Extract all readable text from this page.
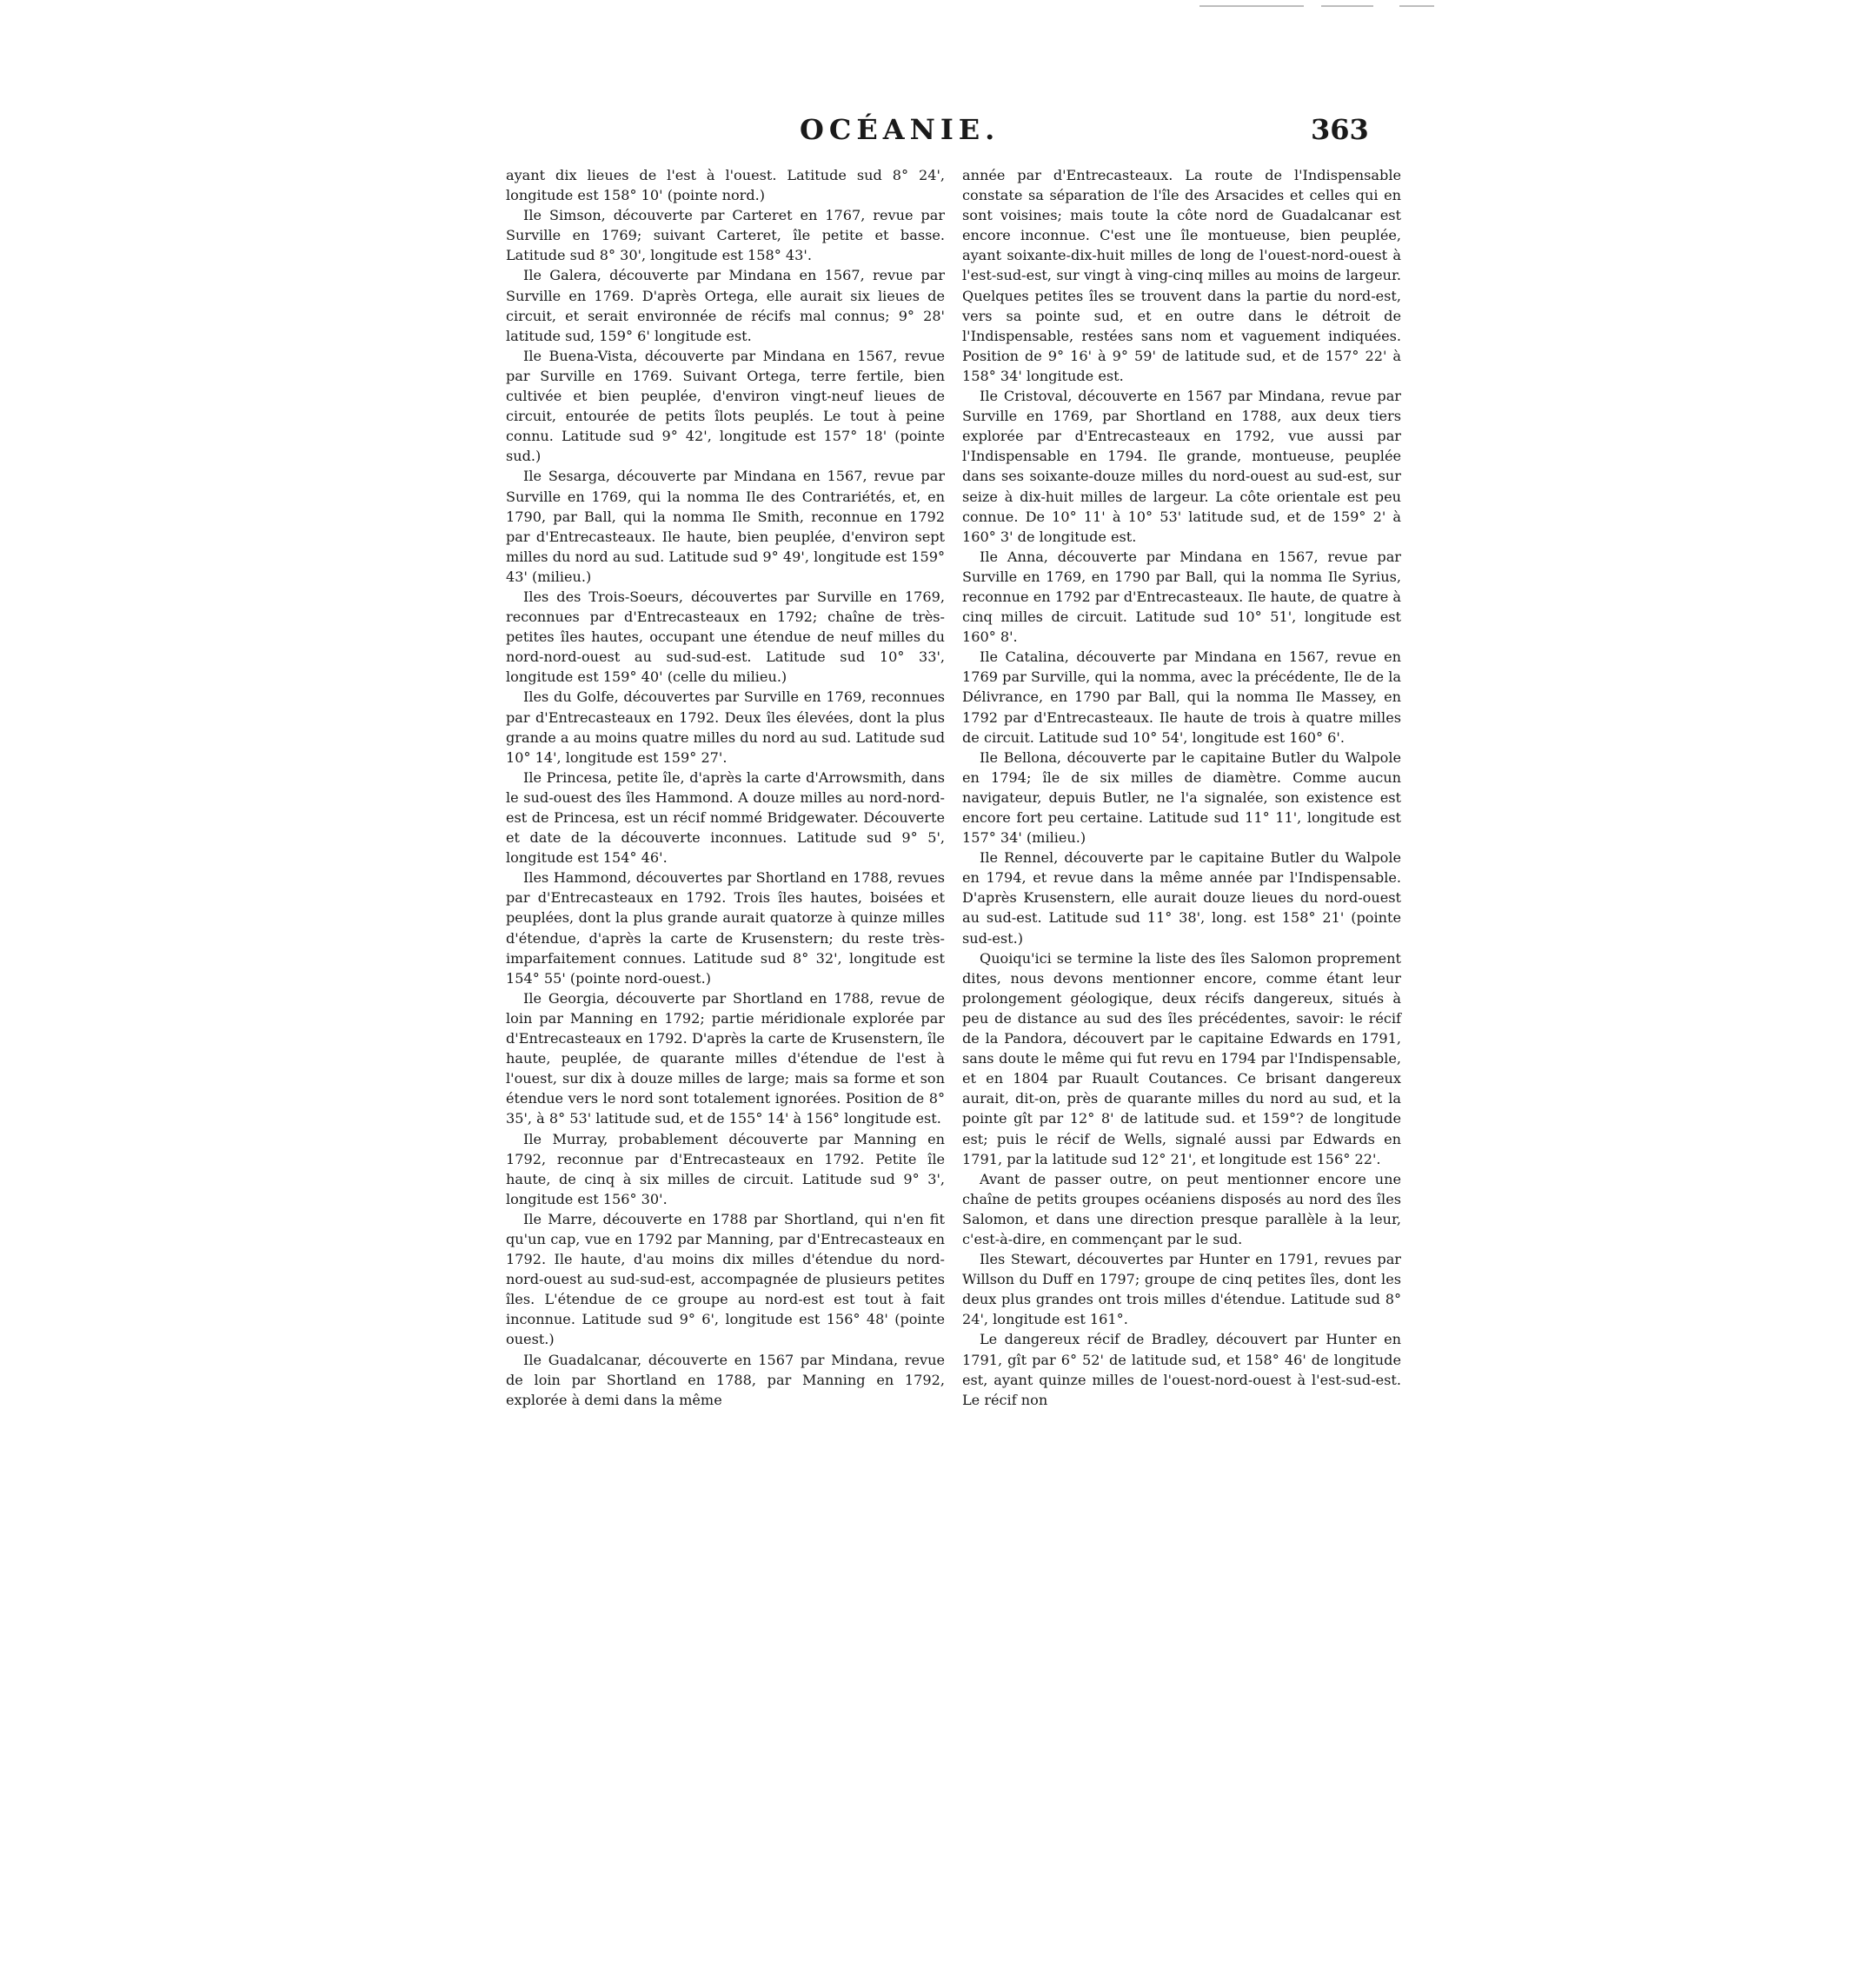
OCÉANIE.	363

ayant dix lieues de l'est à l'ouest. Latitude sud 8° 24', longitude est 158° 10' (pointe nord.)

Ile Simson, découverte par Carteret en 1767, revue par Surville en 1769; suivant Carteret, île petite et basse. Latitude sud 8° 30', longitude est 158° 43'.

Ile Galera, découverte par Mindana en 1567, revue par Surville en 1769. D'après Ortega, elle aurait six lieues de circuit, et serait environnée de récifs mal connus; 9° 28' latitude sud, 159° 6' longitude est.

Ile Buena-Vista, découverte par Mindana en 1567, revue par Surville en 1769. Suivant Ortega, terre fertile, bien cultivée et bien peuplée, d'environ vingt-neuf lieues de circuit, entourée de petits îlots peuplés. Le tout à peine connu. Latitude sud 9° 42', longitude est 157° 18' (pointe sud.)

Ile Sesarga, découverte par Mindana en 1567, revue par Surville en 1769, qui la nomma Ile des Contrariétés, et, en 1790, par Ball, qui la nomma Ile Smith, reconnue en 1792 par d'Entrecasteaux. Ile haute, bien peuplée, d'environ sept milles du nord au sud. Latitude sud 9° 49', longitude est 159° 43' (milieu.)

Iles des Trois-Soeurs, découvertes par Surville en 1769, reconnues par d'Entrecasteaux en 1792; chaîne de très-petites îles hautes, occupant une étendue de neuf milles du nord-nord-ouest au sud-sud-est. Latitude sud 10° 33', longitude est 159° 40' (celle du milieu.)

Iles du Golfe, découvertes par Surville en 1769, reconnues par d'Entrecasteaux en 1792. Deux îles élevées, dont la plus grande a au moins quatre milles du nord au sud. Latitude sud 10° 14', longitude est 159° 27'.

Ile Princesa, petite île, d'après la carte d'Arrowsmith, dans le sud-ouest des îles Hammond. A douze milles au nord-nord-est de Princesa, est un récif nommé Bridgewater. Découverte et date de la découverte inconnues. Latitude sud 9° 5', longitude est 154° 46'.

Iles Hammond, découvertes par Shortland en 1788, revues par d'Entrecasteaux en 1792. Trois îles hautes, boisées et peuplées, dont la plus grande aurait quatorze à quinze milles d'étendue, d'après la carte de Krusenstern; du reste très-imparfaitement connues. Latitude sud 8° 32', longitude est 154° 55' (pointe nord-ouest.)

Ile Georgia, découverte par Shortland en 1788, revue de loin par Manning en 1792; partie méridionale explorée par d'Entrecasteaux en 1792. D'après la carte de Krusenstern, île haute, peuplée, de quarante milles d'étendue de l'est à l'ouest, sur dix à douze milles de large; mais sa forme et son étendue vers le nord sont totalement ignorées. Position de 8° 35', à 8° 53' latitude sud, et de 155° 14' à 156° longitude est.

Ile Murray, probablement découverte par Manning en 1792, reconnue par d'Entrecasteaux en 1792. Petite île haute, de cinq à six milles de circuit. Latitude sud 9° 3', longitude est 156° 30'.

Ile Marre, découverte en 1788 par Shortland, qui n'en fit qu'un cap, vue en 1792 par Manning, par d'Entrecasteaux en 1792. Ile haute, d'au moins dix milles d'étendue du nord-nord-ouest au sud-sud-est, accompagnée de plusieurs petites îles. L'étendue de ce groupe au nord-est est tout à fait inconnue. Latitude sud 9° 6', longitude est 156° 48' (pointe ouest.)

Ile Guadalcanar, découverte en 1567 par Mindana, revue de loin par Shortland en 1788, par Manning en 1792, explorée à demi dans la même

année par d'Entrecasteaux. La route de l'Indispensable constate sa séparation de l'île des Arsacides et celles qui en sont voisines; mais toute la côte nord de Guadalcanar est encore inconnue. C'est une île montueuse, bien peuplée, ayant soixante-dix-huit milles de long de l'ouest-nord-ouest à l'est-sud-est, sur vingt à ving-cinq milles au moins de largeur. Quelques petites îles se trouvent dans la partie du nord-est, vers sa pointe sud, et en outre dans le détroit de l'Indispensable, restées sans nom et vaguement indiquées. Position de 9° 16' à 9° 59' de latitude sud, et de 157° 22' à 158° 34' longitude est.

Ile Cristoval, découverte en 1567 par Mindana, revue par Surville en 1769, par Shortland en 1788, aux deux tiers explorée par d'Entrecasteaux en 1792, vue aussi par l'Indispensable en 1794. Ile grande, montueuse, peuplée dans ses soixante-douze milles du nord-ouest au sud-est, sur seize à dix-huit milles de largeur. La côte orientale est peu connue. De 10° 11' à 10° 53' latitude sud, et de 159° 2' à 160° 3' de longitude est.

Ile Anna, découverte par Mindana en 1567, revue par Surville en 1769, en 1790 par Ball, qui la nomma Ile Syrius, reconnue en 1792 par d'Entrecasteaux. Ile haute, de quatre à cinq milles de circuit. Latitude sud 10° 51', longitude est 160° 8'.

Ile Catalina, découverte par Mindana en 1567, revue en 1769 par Surville, qui la nomma, avec la précédente, Ile de la Délivrance, en 1790 par Ball, qui la nomma Ile Massey, en 1792 par d'Entrecasteaux. Ile haute de trois à quatre milles de circuit. Latitude sud 10° 54', longitude est 160° 6'.

Ile Bellona, découverte par le capitaine Butler du Walpole en 1794; île de six milles de diamètre. Comme aucun navigateur, depuis Butler, ne l'a signalée, son existence est encore fort peu certaine. Latitude sud 11° 11', longitude est 157° 34' (milieu.)

Ile Rennel, découverte par le capitaine Butler du Walpole en 1794, et revue dans la même année par l'Indispensable. D'après Krusenstern, elle aurait douze lieues du nord-ouest au sud-est. Latitude sud 11° 38', long. est 158° 21' (pointe sud-est.)

Quoiqu'ici se termine la liste des îles Salomon proprement dites, nous devons mentionner encore, comme étant leur prolongement géologique, deux récifs dangereux, situés à peu de distance au sud des îles précédentes, savoir: le récif de la Pandora, découvert par le capitaine Edwards en 1791, sans doute le même qui fut revu en 1794 par l'Indispensable, et en 1804 par Ruault Coutances. Ce brisant dangereux aurait, dit-on, près de quarante milles du nord au sud, et la pointe gît par 12° 8' de latitude sud. et 159°? de longitude est; puis le récif de Wells, signalé aussi par Edwards en 1791, par la latitude sud 12° 21', et longitude est 156° 22'.

Avant de passer outre, on peut mentionner encore une chaîne de petits groupes océaniens disposés au nord des îles Salomon, et dans une direction presque parallèle à la leur, c'est-à-dire, en commençant par le sud.

Iles Stewart, découvertes par Hunter en 1791, revues par Willson du Duff en 1797; groupe de cinq petites îles, dont les deux plus grandes ont trois milles d'étendue. Latitude sud 8° 24', longitude est 161°.

Le dangereux récif de Bradley, découvert par Hunter en 1791, gît par 6° 52' de latitude sud, et 158° 46' de longitude est, ayant quinze milles de l'ouest-nord-ouest à l'est-sud-est. Le récif non
